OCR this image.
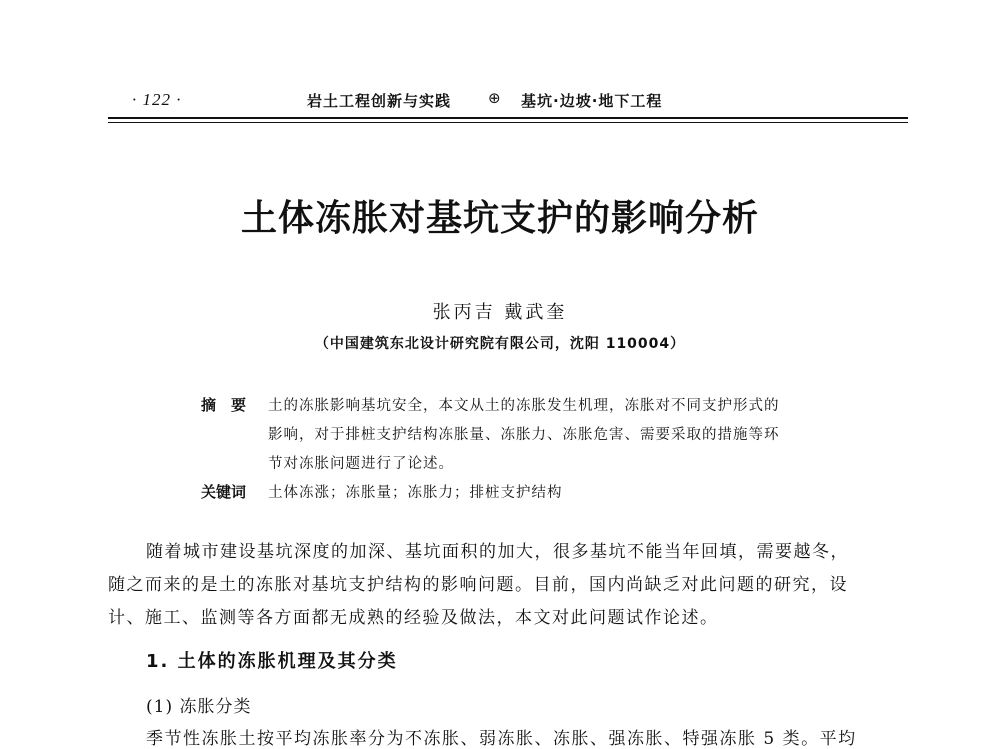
· 122 ·	岩土工程创新与实践 ⊕ 基坑·边坡·地下工程
土体冻胀对基坑支护的影响分析
张丙吉 戴武奎
（中国建筑东北设计研究院有限公司，沈阳 110004）
摘　要 土的冻胀影响基坑安全，本文从土的冻胀发生机理，冻胀对不同支护形式的
影响，对于排桩支护结构冻胀量、冻胀力、冻胀危害、需要采取的措施等环
节对冻胀问题进行了论述。
关键词 土体冻涨；冻胀量；冻胀力；排桩支护结构
随着城市建设基坑深度的加深、基坑面积的加大，很多基坑不能当年回填，需要越冬，
随之而来的是土的冻胀对基坑支护结构的影响问题。目前，国内尚缺乏对此问题的研究，设
计、施工、监测等各方面都无成熟的经验及做法，本文对此问题试作论述。
1. 土体的冻胀机理及其分类
(1) 冻胀分类
季节性冻胀土按平均冻胀率分为不冻胀、弱冻胀、冻胀、强冻胀、特强冻胀 5 类。平均
